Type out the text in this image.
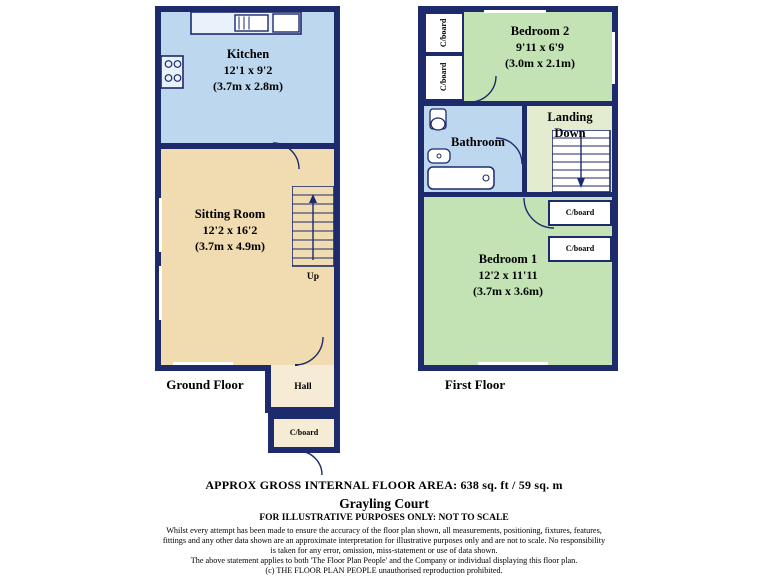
Kitchen
12'1 x 9'2
(3.7m x 2.8m)
Sitting Room
12'2 x 16'2
(3.7m x 4.9m)
Up
Hall
C/board
Ground Floor
C/board
C/board
C/board
C/board
Bedroom 2
9'11 x 6'9
(3.0m x 2.1m)
Bathroom
Landing
Down
Bedroom 1
12'2 x 11'11
(3.7m x 3.6m)
First Floor
APPROX GROSS INTERNAL FLOOR AREA: 638 sq. ft / 59 sq. m
Grayling Court
FOR ILLUSTRATIVE PURPOSES ONLY: NOT TO SCALE
Whilst every attempt has been made to ensure the accuracy of the floor plan shown, all measurements, positioning, fixtures, features,
fittings and any other data shown are an approximate interpretation for illustrative purposes only and are not to scale. No responsibility
is taken for any error, omission, miss-statement or use of data shown.
The above statement applies to both 'The Floor Plan People' and the Company or individual displaying this floor plan.
(c) THE FLOOR PLAN PEOPLE unauthorised reproduction prohibited.
